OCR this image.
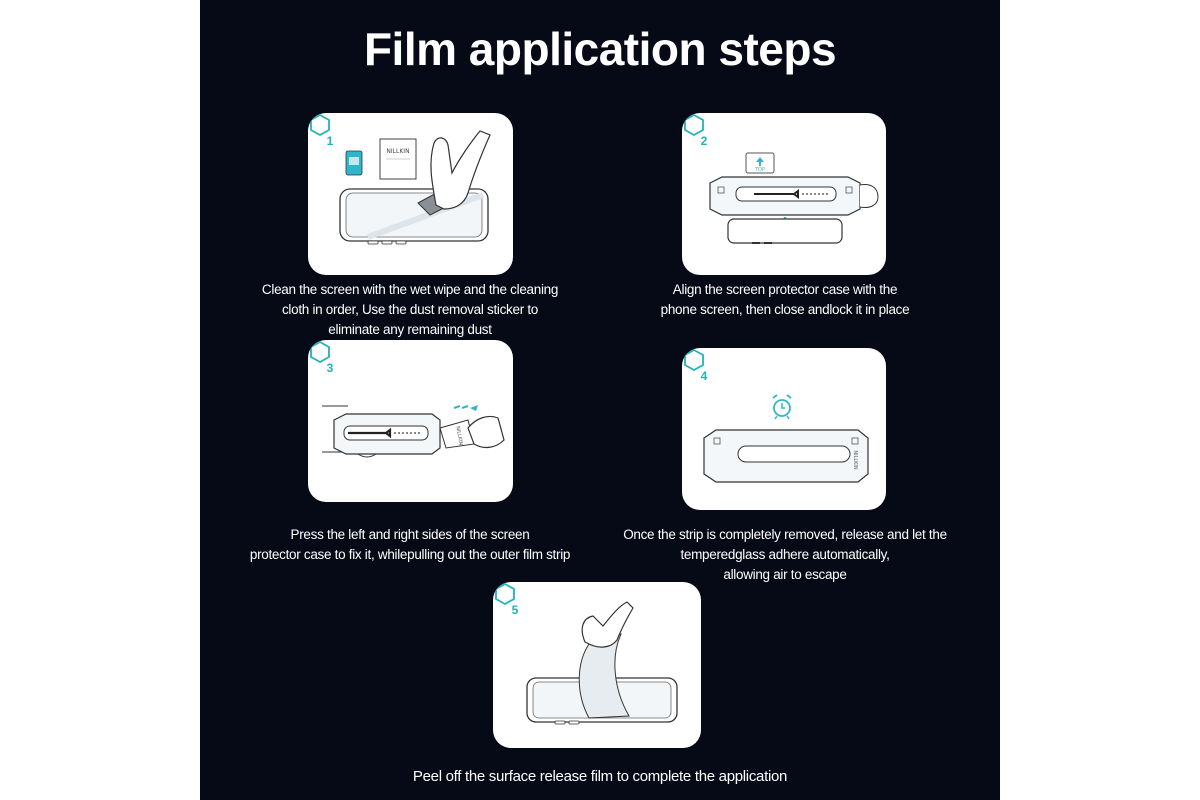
Film application steps
NILLKIN
1
Clean the screen with the wet wipe and the cleaning
cloth in order, Use the dust removal sticker to
eliminate any remaining dust
TOP
2
Align the screen protector case with the
phone screen, then close andlock it in place
NILLKIN
3
Press the left and right sides of the screen
protector case to fix it, whilepulling out the outer film strip
NILLKIN
4
Once the strip is completely removed, release and let the
temperedglass adhere automatically,
allowing air to escape
5
Peel off the surface release film to complete the application
